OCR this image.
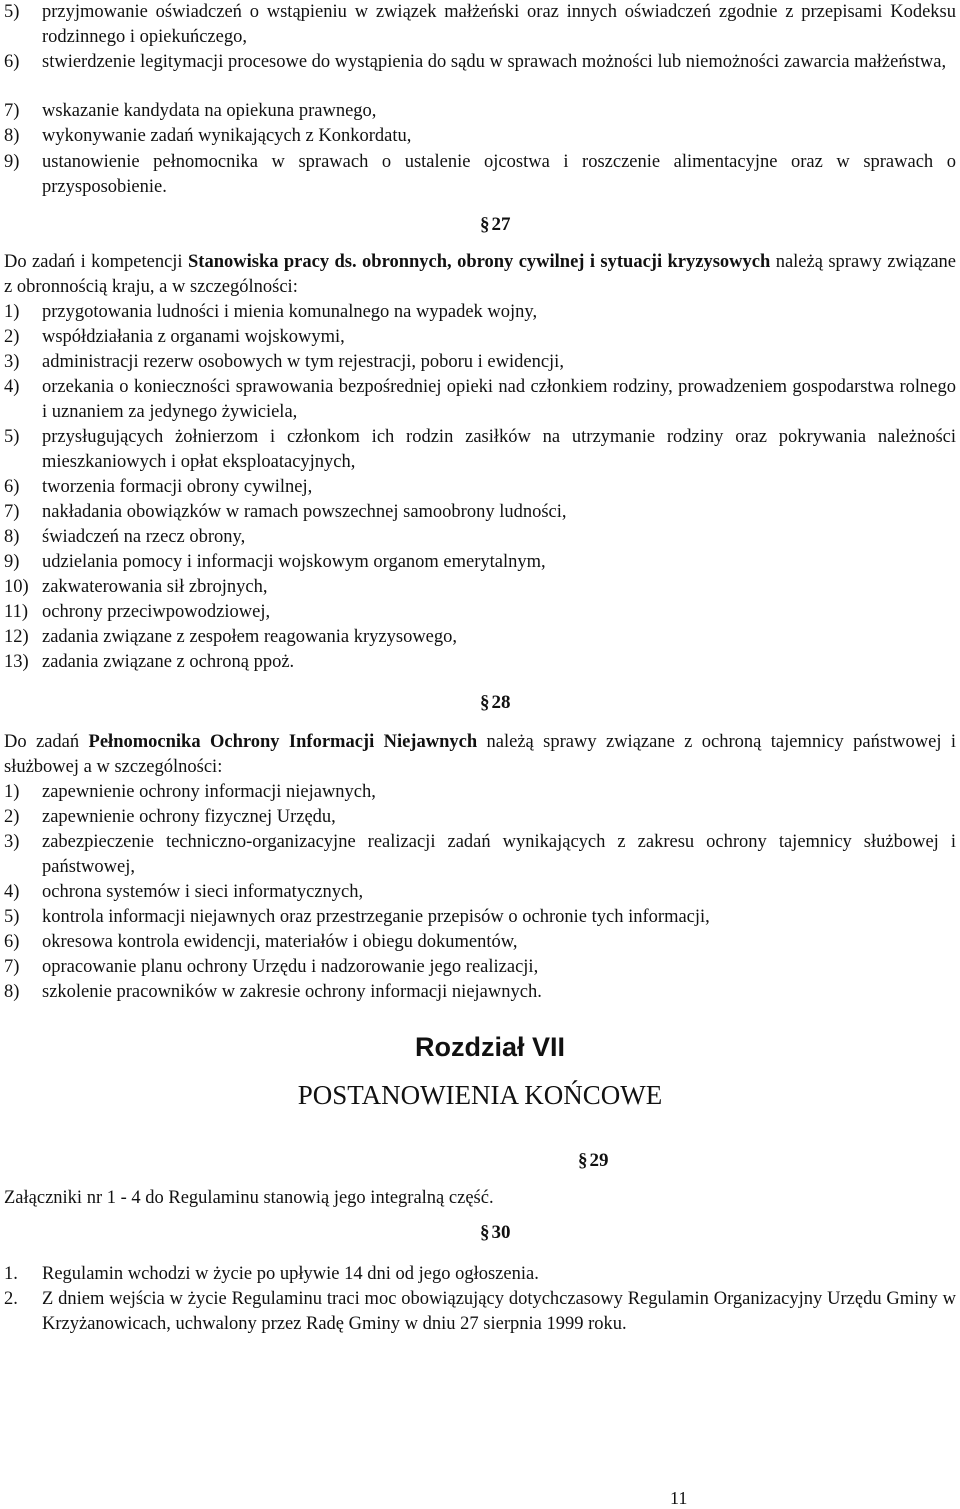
5)	przyjmowanie oświadczeń o wstąpieniu w związek małżeński oraz innych oświadczeń zgodnie z przepisami Kodeksu rodzinnego i opiekuńczego,
6)	stwierdzenie legitymacji procesowe do wystąpienia do sądu w sprawach możności lub niemożności zawarcia małżeństwa,
7)	wskazanie kandydata na opiekuna prawnego,
8)	wykonywanie zadań wynikających z Konkordatu,
9)	ustanowienie pełnomocnika w sprawach o ustalenie ojcostwa i roszczenie alimentacyjne oraz w sprawach o przysposobienie.
§ 27
Do zadań i kompetencji Stanowiska pracy ds. obronnych, obrony cywilnej i sytuacji kryzysowych należą sprawy związane z obronnością kraju, a w szczególności:
1)	przygotowania ludności i mienia komunalnego na wypadek wojny,
2)	współdziałania z organami wojskowymi,
3)	administracji rezerw osobowych w tym rejestracji, poboru i ewidencji,
4)	orzekania o konieczności sprawowania bezpośredniej opieki nad członkiem rodziny, prowadzeniem gospodarstwa rolnego i uznaniem za jedynego żywiciela,
5)	przysługujących żołnierzom i członkom ich rodzin zasiłków na utrzymanie rodziny oraz pokrywania należności mieszkaniowych i opłat eksploatacyjnych,
6)	tworzenia formacji obrony cywilnej,
7)	nakładania obowiązków w ramach powszechnej samoobrony ludności,
8)	świadczeń na rzecz obrony,
9)	udzielania pomocy i informacji wojskowym organom emerytalnym,
10) zakwaterowania sił zbrojnych,
11) ochrony przeciwpowodziowej,
12) zadania związane z zespołem reagowania kryzysowego,
13) zadania związane z ochroną ppoż.
§ 28
Do zadań Pełnomocnika Ochrony Informacji Niejawnych należą sprawy związane z ochroną tajemnicy państwowej i służbowej a w szczególności:
1)	zapewnienie ochrony informacji niejawnych,
2)	zapewnienie ochrony fizycznej Urzędu,
3)	zabezpieczenie techniczno-organizacyjne realizacji zadań wynikających z zakresu ochrony tajemnicy służbowej i państwowej,
4)	ochrona systemów i sieci informatycznych,
5)	kontrola informacji niejawnych oraz przestrzeganie przepisów o ochronie tych informacji,
6)	okresowa kontrola ewidencji, materiałów i obiegu dokumentów,
7)	opracowanie planu ochrony Urzędu i nadzorowanie jego realizacji,
8)	szkolenie pracowników w zakresie ochrony informacji niejawnych.
Rozdział VII
POSTANOWIENIA KOŃCOWE
§ 29
Załączniki nr 1 - 4 do Regulaminu stanowią jego integralną część.
§ 30
1.	Regulamin wchodzi w życie po upływie 14 dni od jego ogłoszenia.
2.	Z dniem wejścia w życie Regulaminu traci moc obowiązujący dotychczasowy Regulamin Organizacyjny Urzędu Gminy w Krzyżanowicach, uchwalony przez Radę Gminy w dniu 27 sierpnia 1999 roku.
11
